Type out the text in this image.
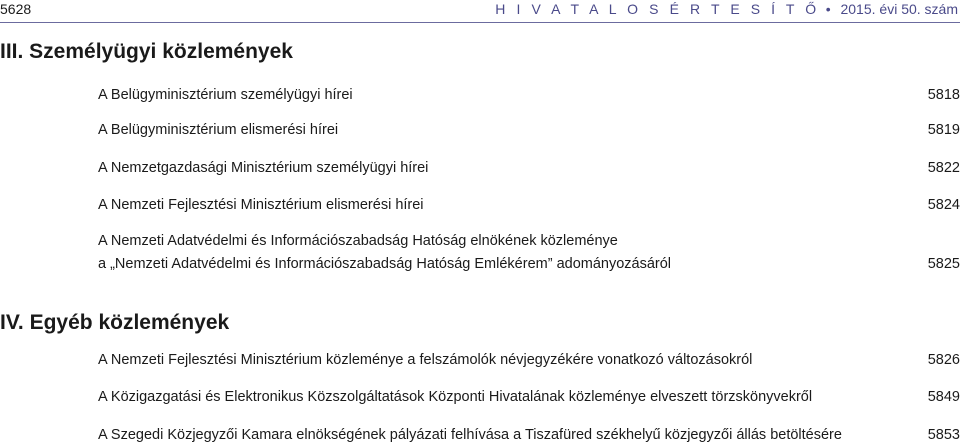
5628	H I V A T A L O S É R T E S Í T Ő • 2015. évi 50. szám
III. Személyügyi közlemények
A Belügyminisztérium személyügyi hírei	5818
A Belügyminisztérium elismerési hírei	5819
A Nemzetgazdasági Minisztérium személyügyi hírei	5822
A Nemzeti Fejlesztési Minisztérium elismerési hírei	5824
A Nemzeti Adatvédelmi és Információszabadság Hatóság elnökének közleménye
a „Nemzeti Adatvédelmi és Információszabadság Hatóság Emlékérem” adományozásáról	5825
IV. Egyéb közlemények
A Nemzeti Fejlesztési Minisztérium közleménye a felszámolók névjegyzékére vonatkozó változásokról	5826
A Közigazgatási és Elektronikus Közszolgáltatások Központi Hivatalának közleménye elveszett törzskönyvekről	5849
A Szegedi Közjegyzői Kamara elnökségének pályázati felhívása a Tiszafüred székhelyű közjegyzői állás betöltésére	5853
